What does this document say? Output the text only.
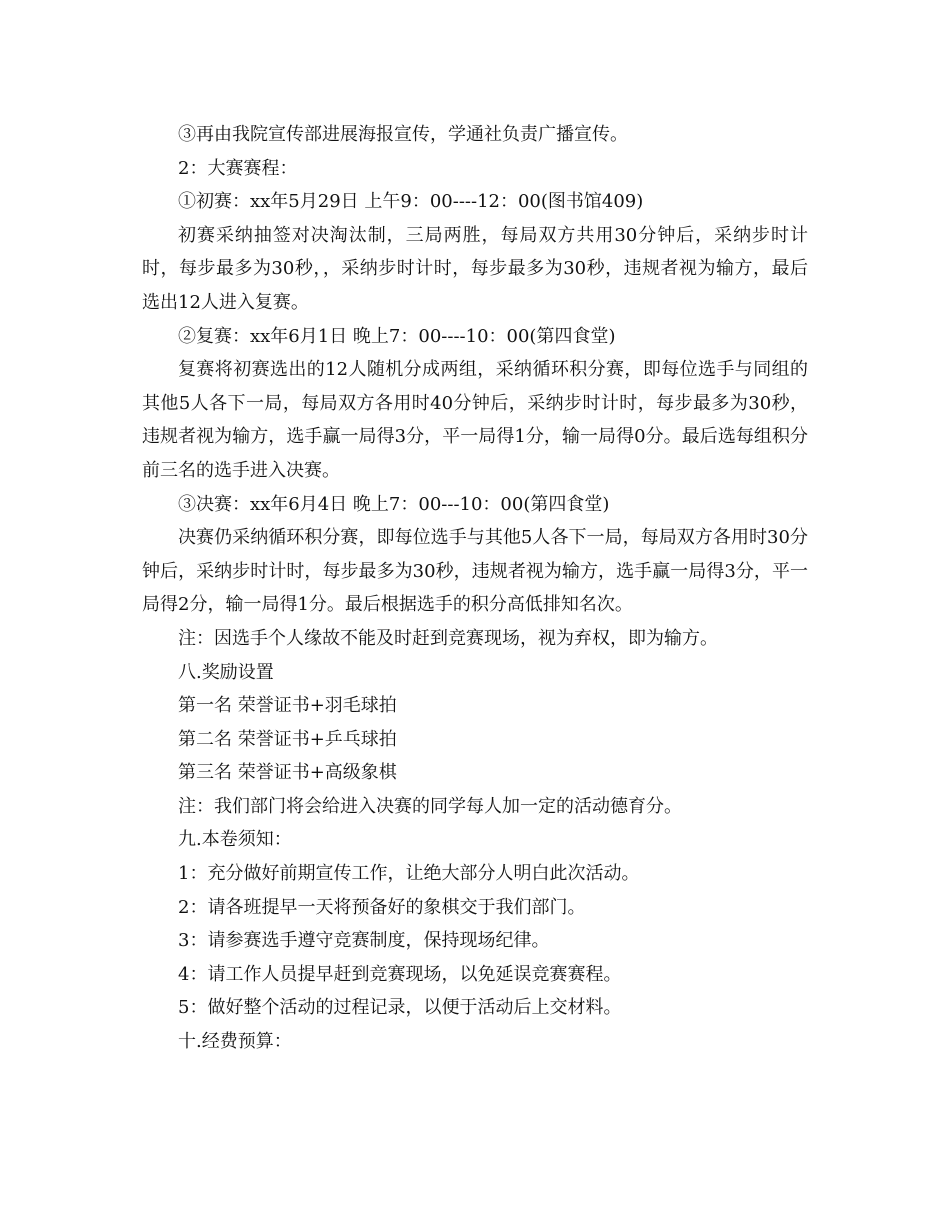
③再由我院宣传部进展海报宣传，学通社负责广播宣传。

2：大赛赛程：

①初赛：xx年5月29日 上午9：00----12：00(图书馆409)

初赛采纳抽签对决淘汰制，三局两胜，每局双方共用30分钟后，采纳步时计时，每步最多为30秒，，采纳步时计时，每步最多为30秒，违规者视为输方，最后选出12人进入复赛。

②复赛：xx年6月1日 晚上7：00----10：00(第四食堂)

复赛将初赛选出的12人随机分成两组，采纳循环积分赛，即每位选手与同组的其他5人各下一局，每局双方各用时40分钟后，采纳步时计时，每步最多为30秒，违规者视为输方，选手赢一局得3分，平一局得1分，输一局得0分。最后选每组积分前三名的选手进入决赛。

③决赛：xx年6月4日 晚上7：00---10：00(第四食堂)

决赛仍采纳循环积分赛，即每位选手与其他5人各下一局，每局双方各用时30分钟后，采纳步时计时，每步最多为30秒，违规者视为输方，选手赢一局得3分，平一局得2分，输一局得1分。最后根据选手的积分高低排知名次。

注：因选手个人缘故不能及时赶到竞赛现场，视为弃权，即为输方。

八.奖励设置

第一名 荣誉证书+羽毛球拍

第二名 荣誉证书+乒乓球拍

第三名 荣誉证书+高级象棋

注：我们部门将会给进入决赛的同学每人加一定的活动德育分。

九.本卷须知：

1：充分做好前期宣传工作，让绝大部分人明白此次活动。

2：请各班提早一天将预备好的象棋交于我们部门。

3：请参赛选手遵守竞赛制度，保持现场纪律。

4：请工作人员提早赶到竞赛现场，以免延误竞赛赛程。

5：做好整个活动的过程记录，以便于活动后上交材料。

十.经费预算：
